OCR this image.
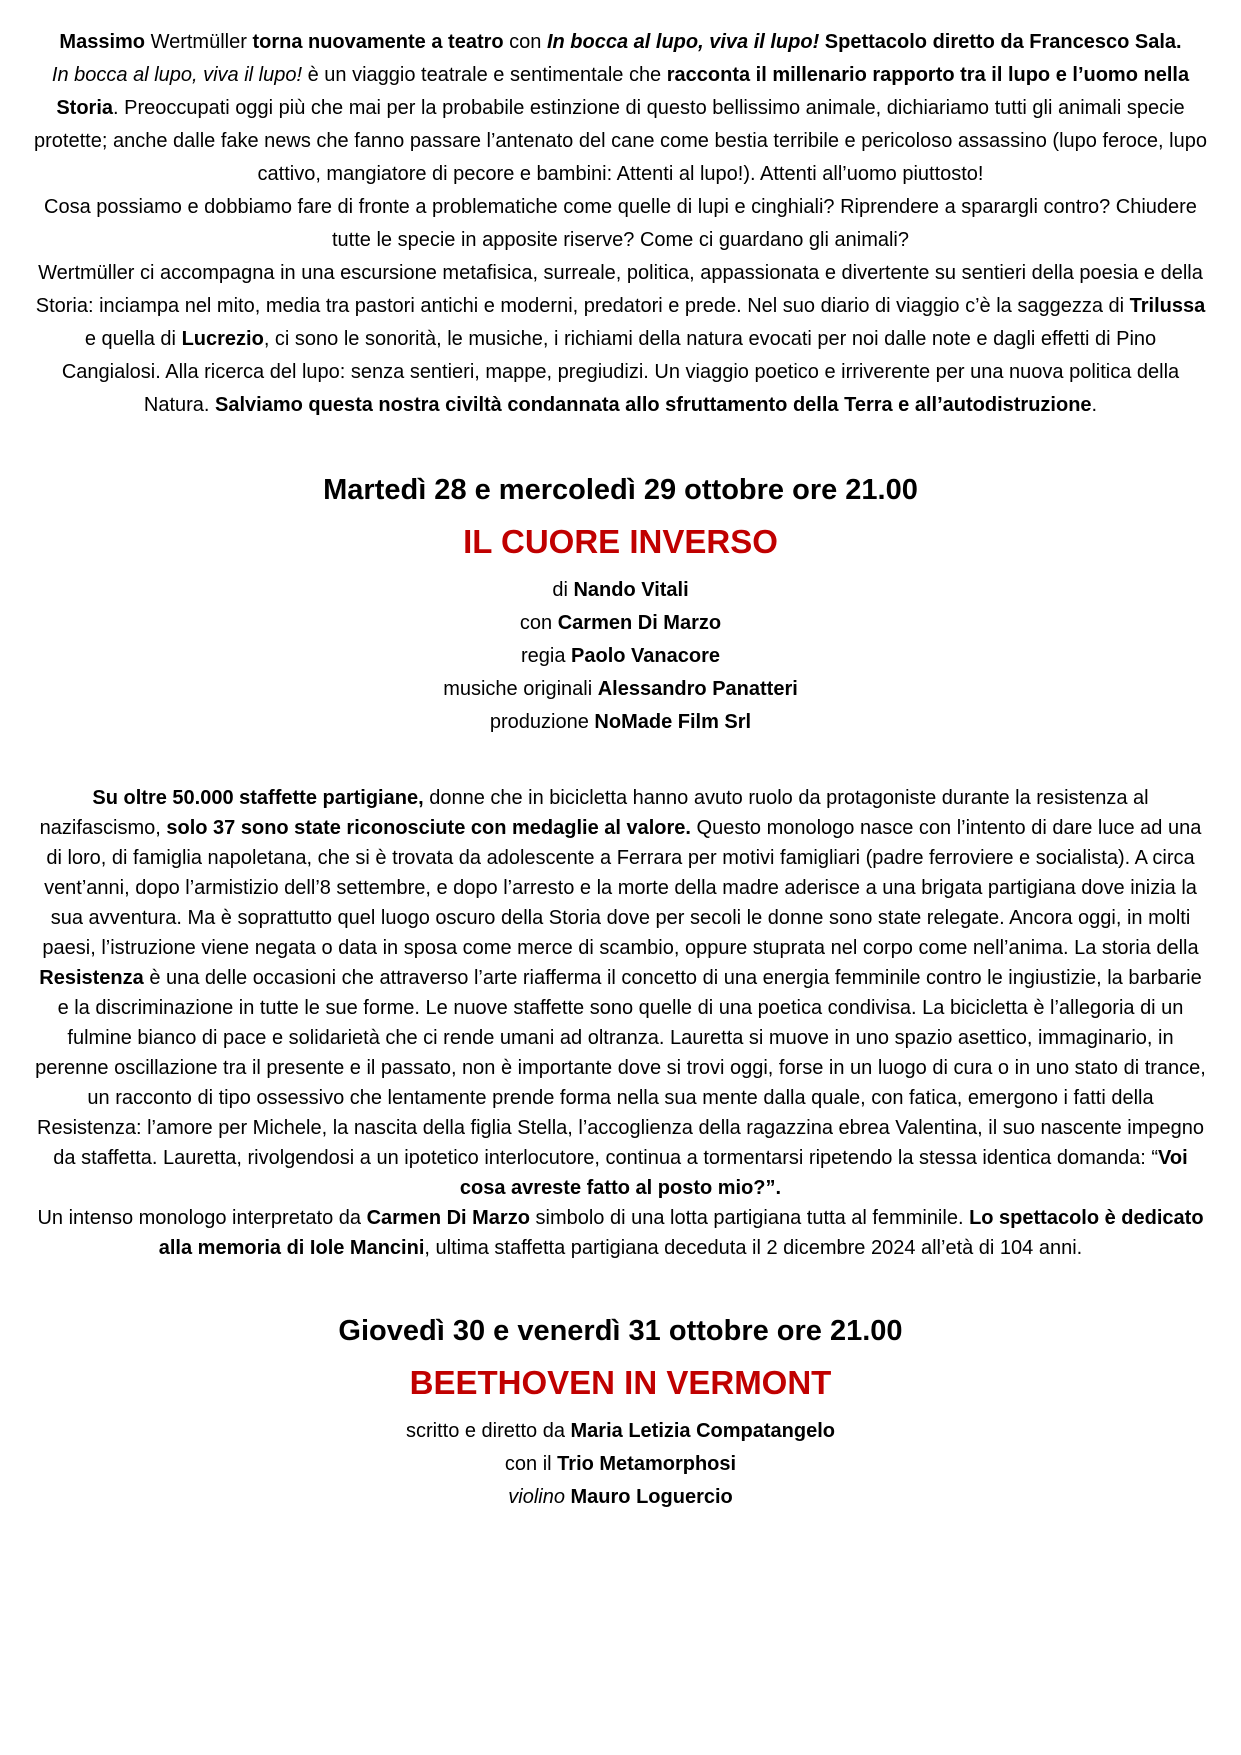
Massimo Wertmüller torna nuovamente a teatro con In bocca al lupo, viva il lupo! Spettacolo diretto da Francesco Sala.

In bocca al lupo, viva il lupo! è un viaggio teatrale e sentimentale che racconta il millenario rapporto tra il lupo e l’uomo nella Storia. Preoccupati oggi più che mai per la probabile estinzione di questo bellissimo animale, dichiariamo tutti gli animali specie protette; anche dalle fake news che fanno passare l’antenato del cane come bestia terribile e pericoloso assassino (lupo feroce, lupo cattivo, mangiatore di pecore e bambini: Attenti al lupo!). Attenti all’uomo piuttosto!

Cosa possiamo e dobbiamo fare di fronte a problematiche come quelle di lupi e cinghiali? Riprendere a sparargli contro? Chiudere tutte le specie in apposite riserve? Come ci guardano gli animali?

Wertmüller ci accompagna in una escursione metafisica, surreale, politica, appassionata e divertente su sentieri della poesia e della Storia: inciampa nel mito, media tra pastori antichi e moderni, predatori e prede. Nel suo diario di viaggio c’è la saggezza di Trilussa e quella di Lucrezio, ci sono le sonorità, le musiche, i richiami della natura evocati per noi dalle note e dagli effetti di Pino Cangialosi. Alla ricerca del lupo: senza sentieri, mappe, pregiudizi. Un viaggio poetico e irriverente per una nuova politica della Natura. Salviamo questa nostra civiltà condannata allo sfruttamento della Terra e all’autodistruzione.

Martedì 28 e mercoledì 29 ottobre ore 21.00
IL CUORE INVERSO

di Nando Vitali

con Carmen Di Marzo

regia Paolo Vanacore

musiche originali Alessandro Panatteri

produzione NoMade Film Srl

Su oltre 50.000 staffette partigiane, donne che in bicicletta hanno avuto ruolo da protagoniste durante la resistenza al nazifascismo, solo 37 sono state riconosciute con medaglie al valore. Questo monologo nasce con l’intento di dare luce ad una di loro, di famiglia napoletana, che si è trovata da adolescente a Ferrara per motivi famigliari (padre ferroviere e socialista). A circa vent’anni, dopo l’armistizio dell’8 settembre, e dopo l’arresto e la morte della madre aderisce a una brigata partigiana dove inizia la sua avventura. Ma è soprattutto quel luogo oscuro della Storia dove per secoli le donne sono state relegate. Ancora oggi, in molti paesi, l’istruzione viene negata o data in sposa come merce di scambio, oppure stuprata nel corpo come nell’anima. La storia della Resistenza è una delle occasioni che attraverso l’arte riafferma il concetto di una energia femminile contro le ingiustizie, la barbarie e la discriminazione in tutte le sue forme. Le nuove staffette sono quelle di una poetica condivisa. La bicicletta è l’allegoria di un fulmine bianco di pace e solidarietà che ci rende umani ad oltranza. Lauretta si muove in uno spazio asettico, immaginario, in perenne oscillazione tra il presente e il passato, non è importante dove si trovi oggi, forse in un luogo di cura o in uno stato di trance, un racconto di tipo ossessivo che lentamente prende forma nella sua mente dalla quale, con fatica, emergono i fatti della Resistenza: l’amore per Michele, la nascita della figlia Stella, l’accoglienza della ragazzina ebrea Valentina, il suo nascente impegno da staffetta. Lauretta, rivolgendosi a un ipotetico interlocutore, continua a tormentarsi ripetendo la stessa identica domanda: “Voi cosa avreste fatto al posto mio?”.

Un intenso monologo interpretato da Carmen Di Marzo simbolo di una lotta partigiana tutta al femminile. Lo spettacolo è dedicato alla memoria di Iole Mancini, ultima staffetta partigiana deceduta il 2 dicembre 2024 all’età di 104 anni.

Giovedì 30 e venerdì 31 ottobre ore 21.00
BEETHOVEN IN VERMONT

scritto e diretto da Maria Letizia Compatangelo

con il Trio Metamorphosi

violino Mauro Loguercio
